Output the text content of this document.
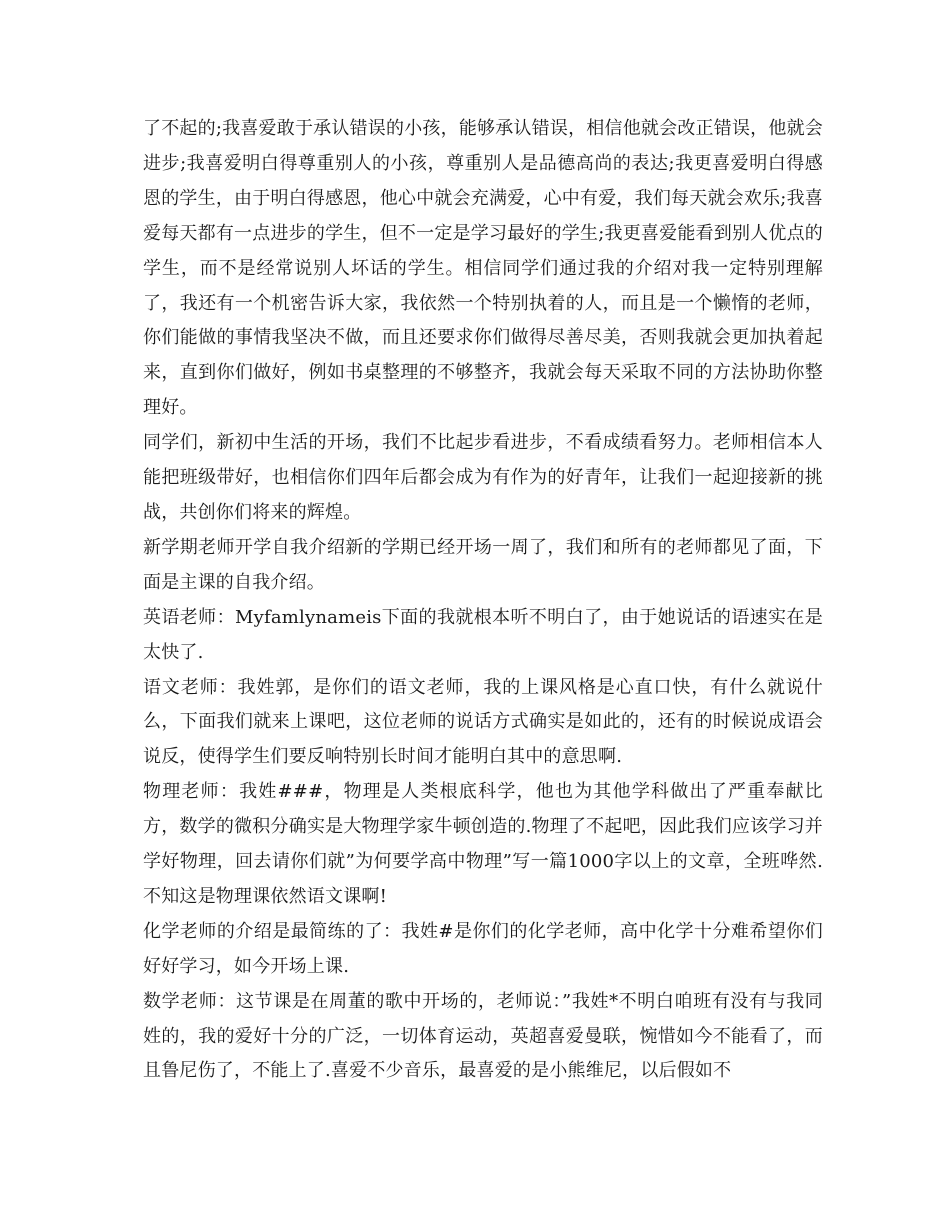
了不起的;我喜爱敢于承认错误的小孩，能够承认错误，相信他就会改正错误，他就会进步;我喜爱明白得尊重别人的小孩，尊重别人是品德高尚的表达;我更喜爱明白得感恩的学生，由于明白得感恩，他心中就会充满爱，心中有爱，我们每天就会欢乐;我喜爱每天都有一点进步的学生，但不一定是学习最好的学生;我更喜爱能看到别人优点的学生，而不是经常说别人坏话的学生。相信同学们通过我的介绍对我一定特别理解了，我还有一个机密告诉大家，我依然一个特别执着的人，而且是一个懒惰的老师，你们能做的事情我坚决不做，而且还要求你们做得尽善尽美，否则我就会更加执着起来，直到你们做好，例如书桌整理的不够整齐，我就会每天采取不同的方法协助你整理好。

同学们，新初中生活的开场，我们不比起步看进步，不看成绩看努力。老师相信本人能把班级带好，也相信你们四年后都会成为有作为的好青年，让我们一起迎接新的挑战，共创你们将来的辉煌。

新学期老师开学自我介绍新的学期已经开场一周了，我们和所有的老师都见了面，下面是主课的自我介绍。

英语老师：Myfamlynameis下面的我就根本听不明白了，由于她说话的语速实在是太快了.

语文老师：我姓郭，是你们的语文老师，我的上课风格是心直口快，有什么就说什么，下面我们就来上课吧，这位老师的说话方式确实是如此的，还有的时候说成语会说反，使得学生们要反响特别长时间才能明白其中的意思啊.

物理老师：我姓###，物理是人类根底科学，他也为其他学科做出了严重奉献比方，数学的微积分确实是大物理学家牛顿创造的.物理了不起吧，因此我们应该学习并学好物理，回去请你们就”为何要学高中物理”写一篇1000字以上的文章，全班哗然.不知这是物理课依然语文课啊!

化学老师的介绍是最简练的了：我姓#是你们的化学老师，高中化学十分难希望你们好好学习，如今开场上课.

数学老师：这节课是在周董的歌中开场的，老师说：”我姓*不明白咱班有没有与我同姓的，我的爱好十分的广泛，一切体育运动，英超喜爱曼联，惋惜如今不能看了，而且鲁尼伤了，不能上了.喜爱不少音乐，最喜爱的是小熊维尼，以后假如不
